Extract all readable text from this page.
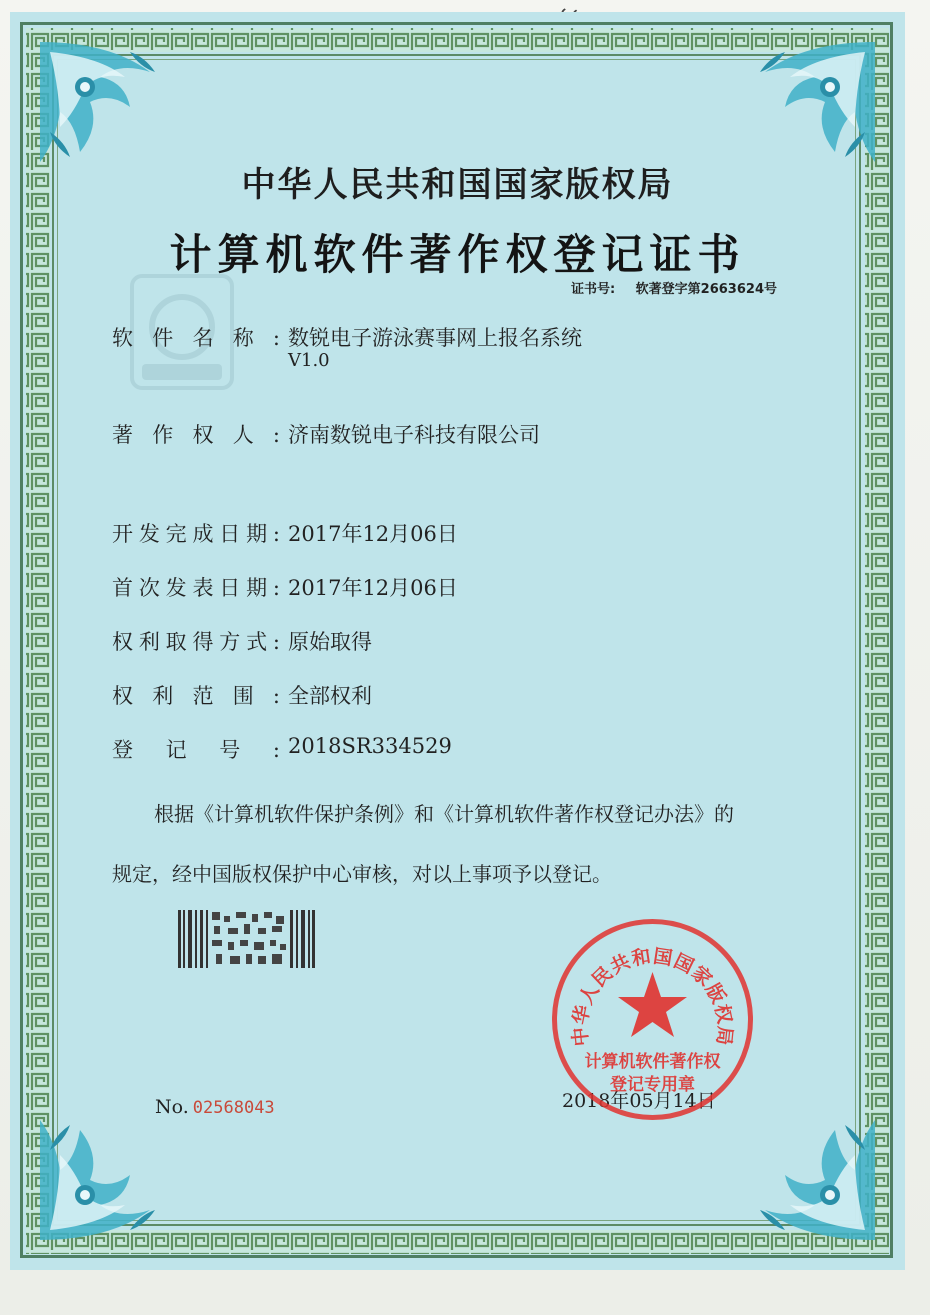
中华人民共和国国家版权局
计算机软件著作权登记证书
证书号: 软著登字第2663624号
软件名称: 数锐电子游泳赛事网上报名系统
V1.0
著作权人: 济南数锐电子科技有限公司
开发完成日期: 2017年12月06日
首次发表日期: 2017年12月06日
权利取得方式: 原始取得
权利范围: 全部权利
登记号: 2018SR334529
根据《计算机软件保护条例》和《计算机软件著作权登记办法》的
规定，经中国版权保护中心审核，对以上事项予以登记。
No. 02568043	2018年05月14日
中华人民共和国国家版权局
计算机软件著作权
登记专用章
